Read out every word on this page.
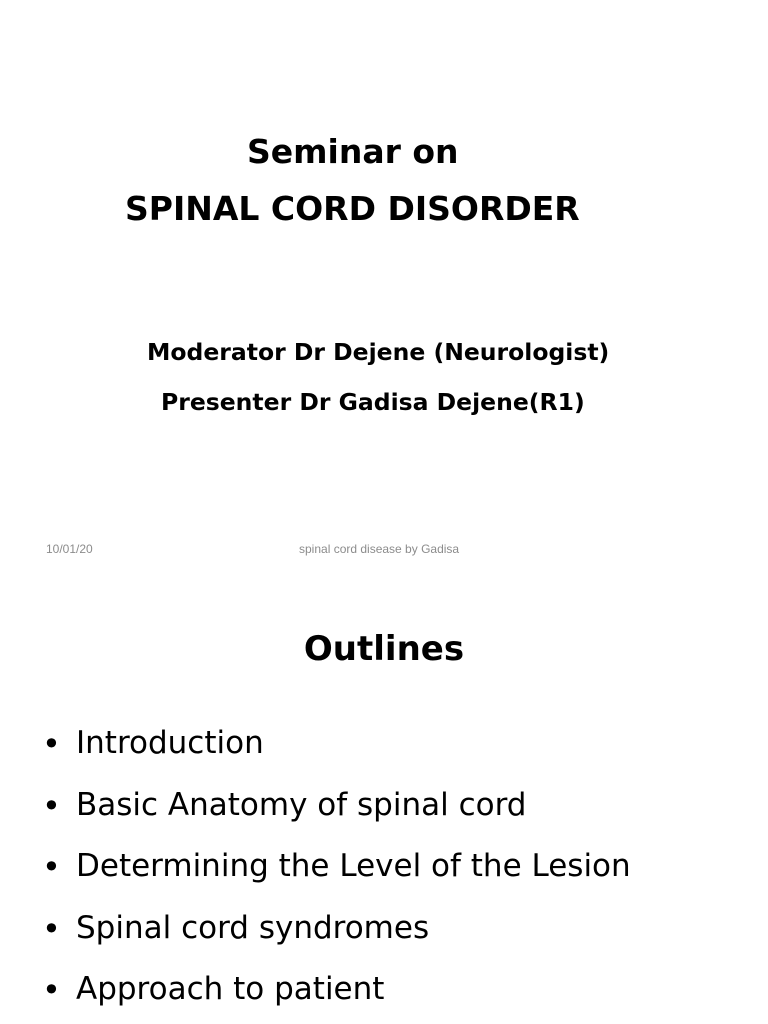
Seminar on
SPINAL CORD DISORDER
Moderator Dr Dejene (Neurologist)
Presenter Dr Gadisa Dejene(R1)
10/01/20	spinal cord disease by Gadisa
Outlines
• Introduction
• Basic Anatomy of spinal cord
• Determining the Level of the Lesion
• Spinal cord syndromes
• Approach to patient
